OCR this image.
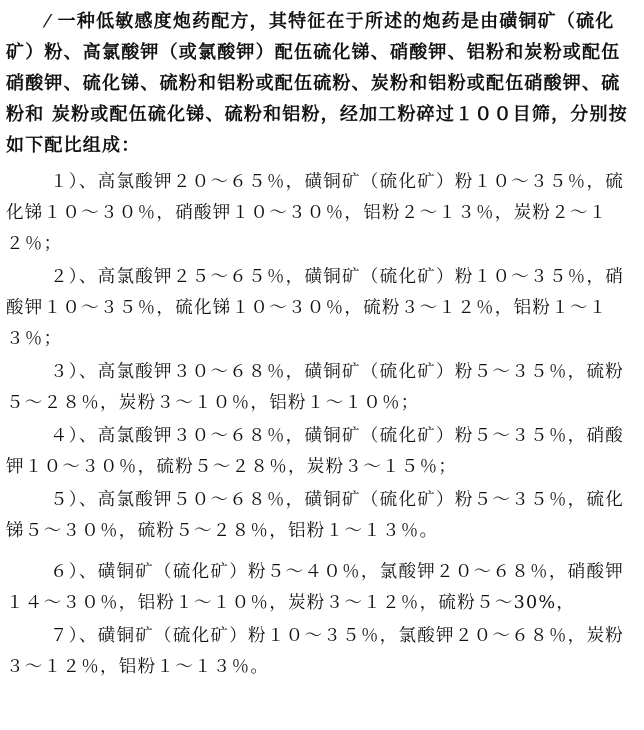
⁄ 一种低敏感度炮药配方，其特征在于所述的炮药是由磺铜矿（硫化矿）粉、高氯酸钾（或氯酸钾）配伍硫化锑、硝酸钾、铝粉和炭粉或配伍硝酸钾、硫化锑、硫粉和铝粉或配伍硫粉、炭粉和铝粉或配伍硝酸钾、硫粉和 炭粉或配伍硫化锑、硫粉和铝粉，经加工粉碎过１００目筛，分别按如下配比组成：

１）、高氯酸钾２０～６５％，磺铜矿（硫化矿）粉１０～３５％，硫化锑１０～３０％，硝酸钾１０～３０％，铝粉２～１３％，炭粉２～１２％；

２）、高氯酸钾２５～６５％，磺铜矿（硫化矿）粉１０～３５％，硝酸钾１０～３５％，硫化锑１０～３０％，硫粉３～１２％，铝粉１～１３％；

３）、高氯酸钾３０～６８％，磺铜矿（硫化矿）粉５～３５％，硫粉５～２８％，炭粉３～１０％，铝粉１～１０％；

４）、高氯酸钾３０～６８％，磺铜矿（硫化矿）粉５～３５％，硝酸钾１０～３０％，硫粉５～２８％，炭粉３～１５％；

５）、高氯酸钾５０～６８％，磺铜矿（硫化矿）粉５～３５％，硫化锑５～３０％，硫粉５～２８％，铝粉１～１３％。

６）、磺铜矿（硫化矿）粉５～４０％，氯酸钾２０～６８％，硝酸钾１４～３０％，铝粉１～１０％，炭粉３～１２％，硫粉５～30%，

７）、磺铜矿（硫化矿）粉１０～３５％，氯酸钾２０～６８％，炭粉３～１２％，铝粉１～１３％。
